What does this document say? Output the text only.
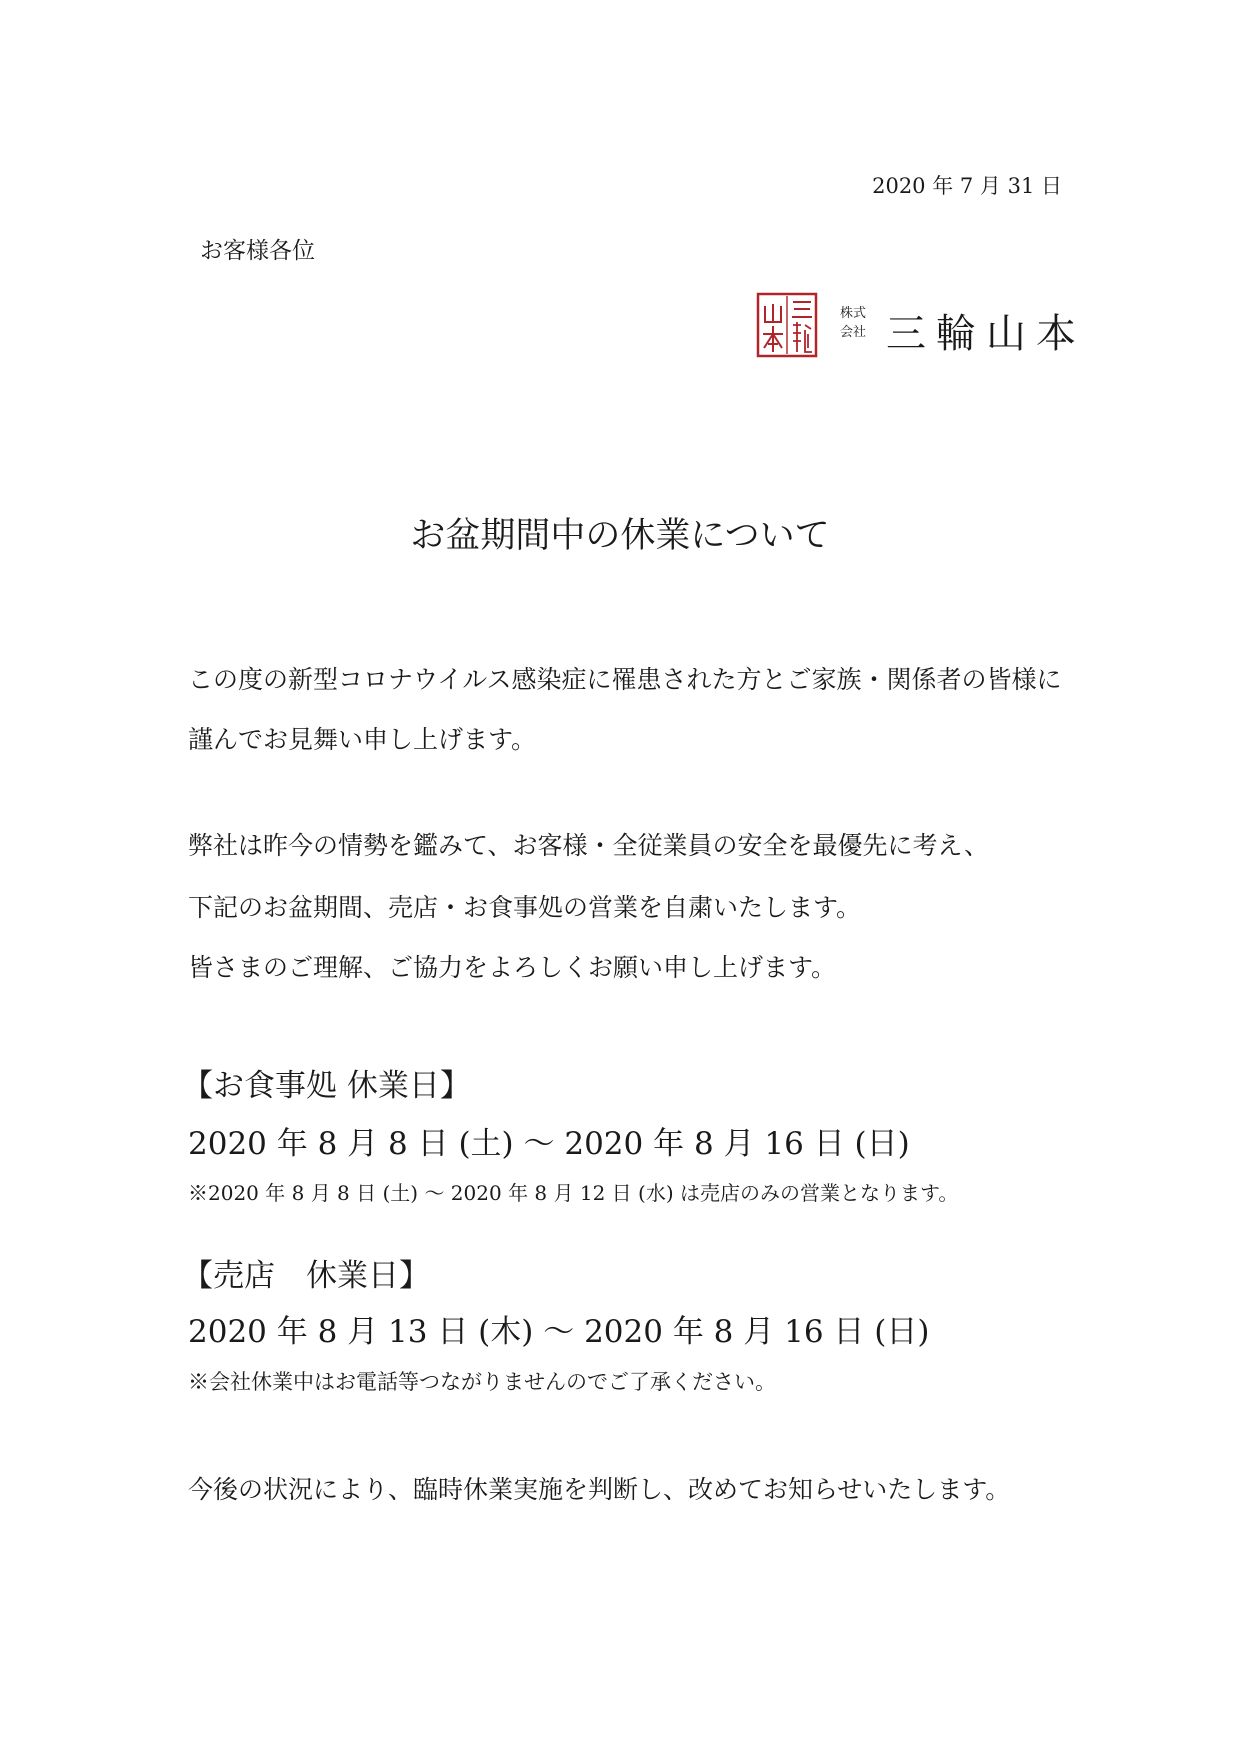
2020 年 7 月 31 日
お客様各位
株式
会社 三輪山本
お盆期間中の休業について
この度の新型コロナウイルス感染症に罹患された方とご家族・関係者の皆様に
謹んでお見舞い申し上げます。
弊社は昨今の情勢を鑑みて、お客様・全従業員の安全を最優先に考え、
下記のお盆期間、売店・お食事処の営業を自粛いたします。
皆さまのご理解、ご協力をよろしくお願い申し上げます。
【お食事処 休業日】
2020 年 8 月 8 日 (土) ～ 2020 年 8 月 16 日 (日)
※2020 年 8 月 8 日 (土) ～ 2020 年 8 月 12 日 (水) は売店のみの営業となります。
【売店　休業日】
2020 年 8 月 13 日 (木) ～ 2020 年 8 月 16 日 (日)
※会社休業中はお電話等つながりませんのでご了承ください。
今後の状況により、臨時休業実施を判断し、改めてお知らせいたします。
